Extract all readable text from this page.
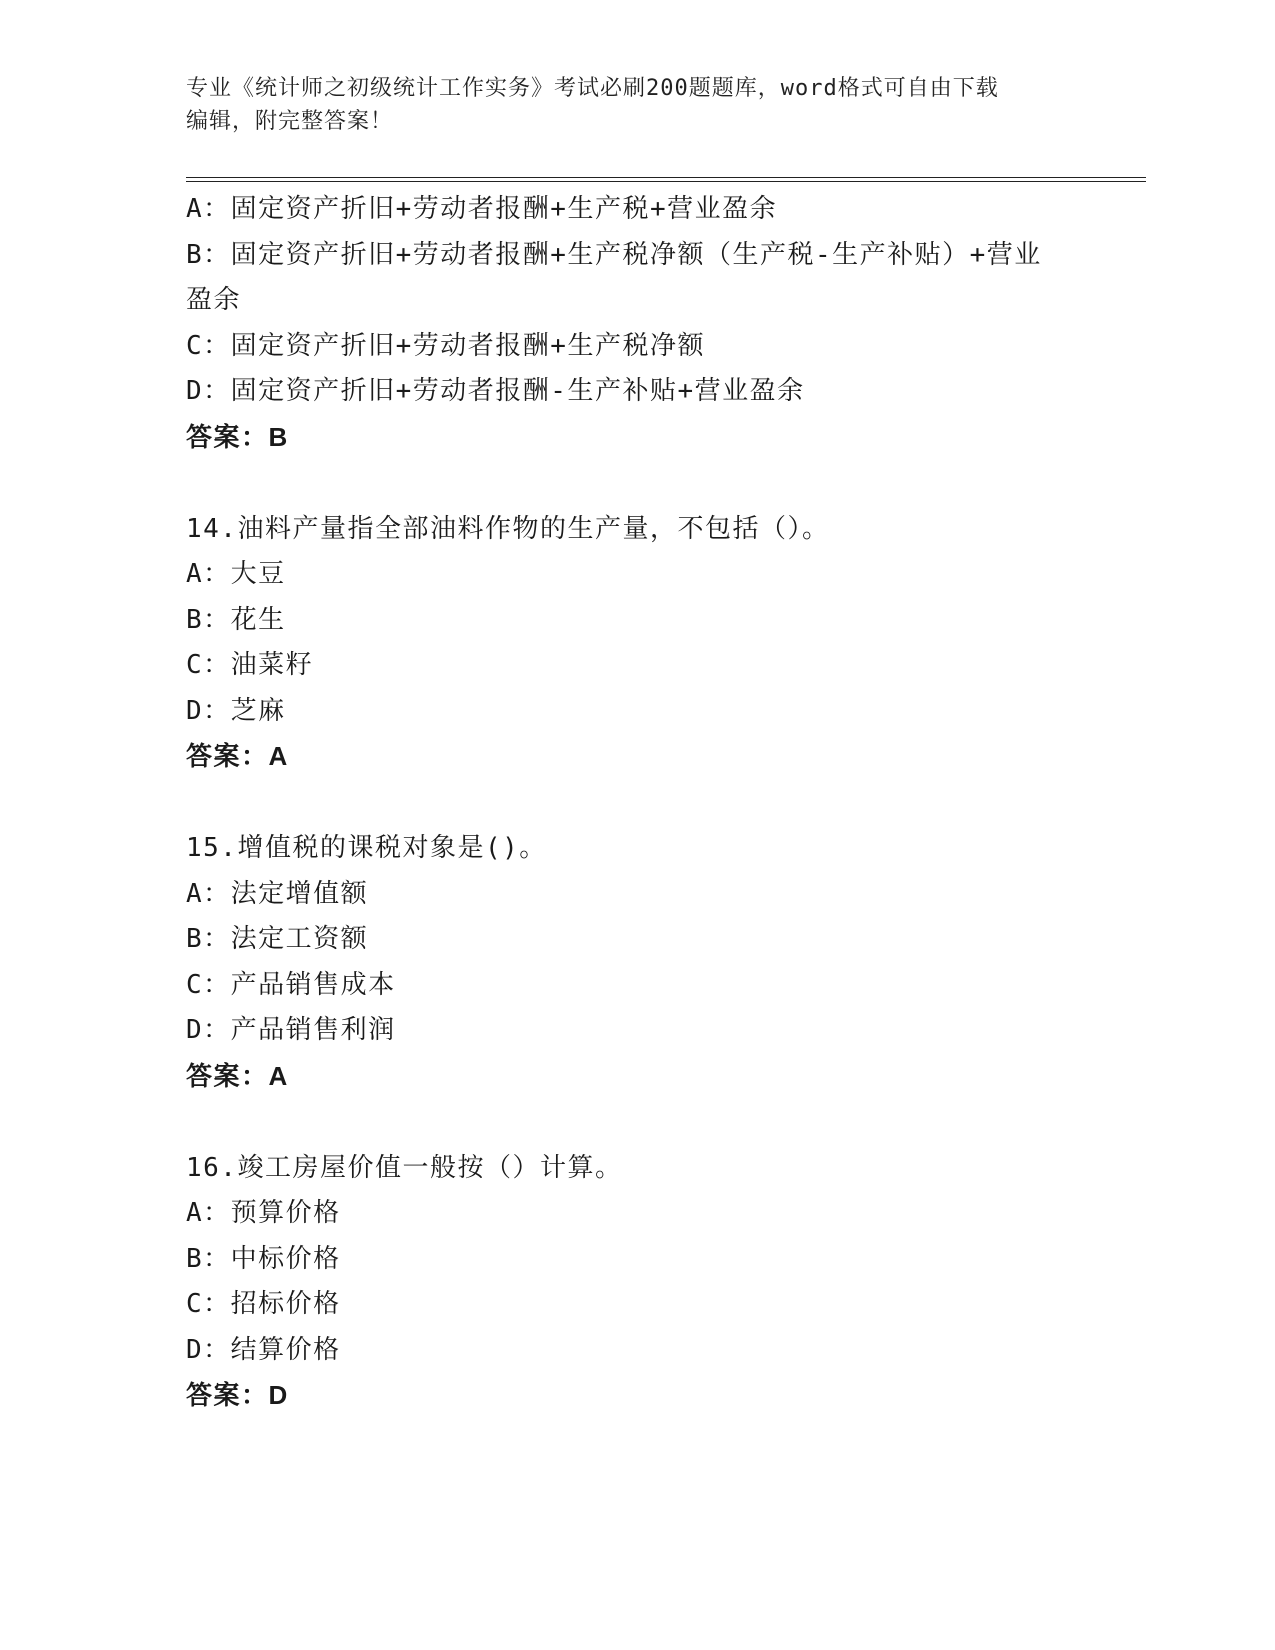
专业《统计师之初级统计工作实务》考试必刷200题题库，word格式可自由下载
编辑，附完整答案！
A：固定资产折旧+劳动者报酬+生产税+营业盈余
B：固定资产折旧+劳动者报酬+生产税净额（生产税-生产补贴）+营业
盈余
C：固定资产折旧+劳动者报酬+生产税净额
D：固定资产折旧+劳动者报酬-生产补贴+营业盈余
答案：B
14.油料产量指全部油料作物的生产量，不包括（）。
A：大豆
B：花生
C：油菜籽
D：芝麻
答案：A
15.增值税的课税对象是()。
A：法定增值额
B：法定工资额
C：产品销售成本
D：产品销售利润
答案：A
16.竣工房屋价值一般按（）计算。
A：预算价格
B：中标价格
C：招标价格
D：结算价格
答案：D
